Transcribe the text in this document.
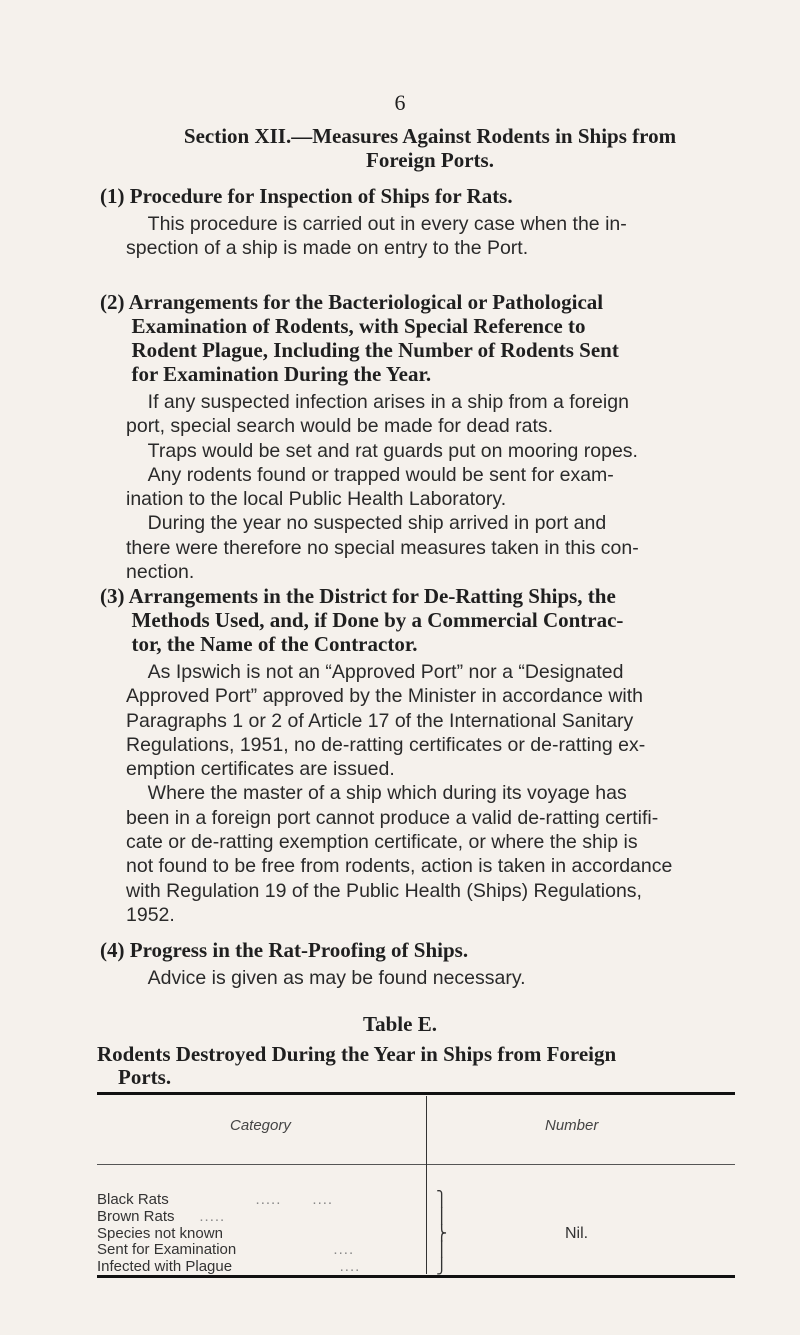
6
Section XII.—Measures Against Rodents in Ships from
Foreign Ports.
(1) Procedure for Inspection of Ships for Rats.
This procedure is carried out in every case when the in-
spection of a ship is made on entry to the Port.
(2) Arrangements for the Bacteriological or Pathological
Examination of Rodents, with Special Reference to
Rodent Plague, Including the Number of Rodents Sent
for Examination During the Year.
If any suspected infection arises in a ship from a foreign
port, special search would be made for dead rats.
Traps would be set and rat guards put on mooring ropes.
Any rodents found or trapped would be sent for exam-
ination to the local Public Health Laboratory.
During the year no suspected ship arrived in port and
there were therefore no special measures taken in this con-
nection.
(3) Arrangements in the District for De-Ratting Ships, the
Methods Used, and, if Done by a Commercial Contrac-
tor, the Name of the Contractor.
As Ipswich is not an “Approved Port” nor a “Designated
Approved Port” approved by the Minister in accordance with
Paragraphs 1 or 2 of Article 17 of the International Sanitary
Regulations, 1951, no de-ratting certificates or de-ratting ex-
emption certificates are issued.
Where the master of a ship which during its voyage has
been in a foreign port cannot produce a valid de-ratting certifi-
cate or de-ratting exemption certificate, or where the ship is
not found to be free from rodents, action is taken in accordance
with Regulation 19 of the Public Health (Ships) Regulations,
1952.
(4) Progress in the Rat-Proofing of Ships.
Advice is given as may be found necessary.
Table E.
Rodents Destroyed During the Year in Ships from Foreign
Ports.
Category	Number
Black Rats                 .....      ....
Brown Rats     .....
Species not known
Sent for Examination                   ....
Infected with Plague                     ....
⎫
⎪
⎬
⎪
⎭
Nil.
